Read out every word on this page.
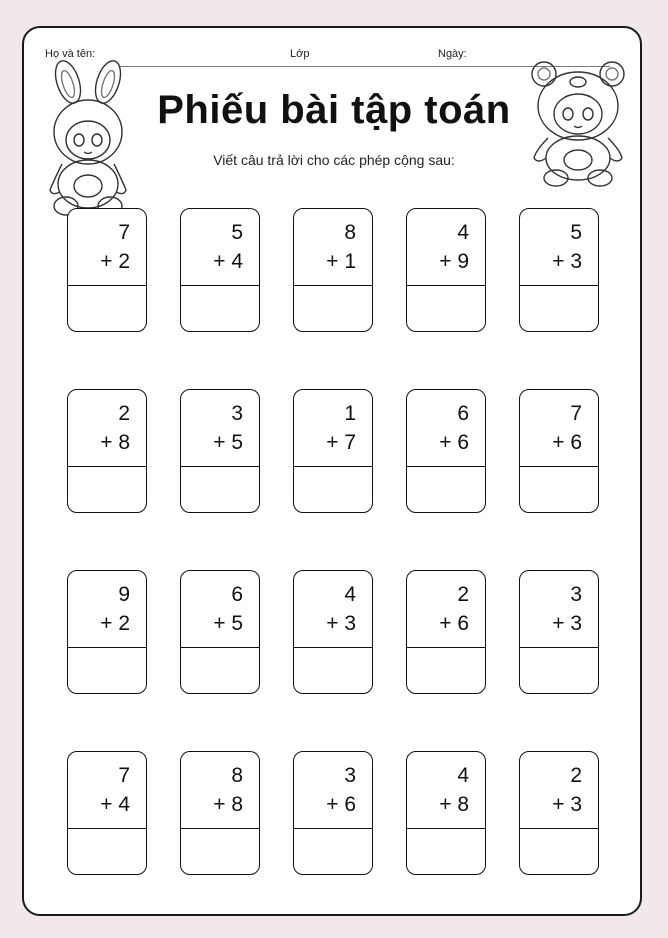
Họ và tên:	Lớp	Ngày:
Phiếu bài tập toán
Viết câu trả lời cho các phép cộng sau:
7
+ 2
5
+ 4
8
+ 1
4
+ 9
5
+ 3
2
+ 8
3
+ 5
1
+ 7
6
+ 6
7
+ 6
9
+ 2
6
+ 5
4
+ 3
2
+ 6
3
+ 3
7
+ 4
8
+ 8
3
+ 6
4
+ 8
2
+ 3
